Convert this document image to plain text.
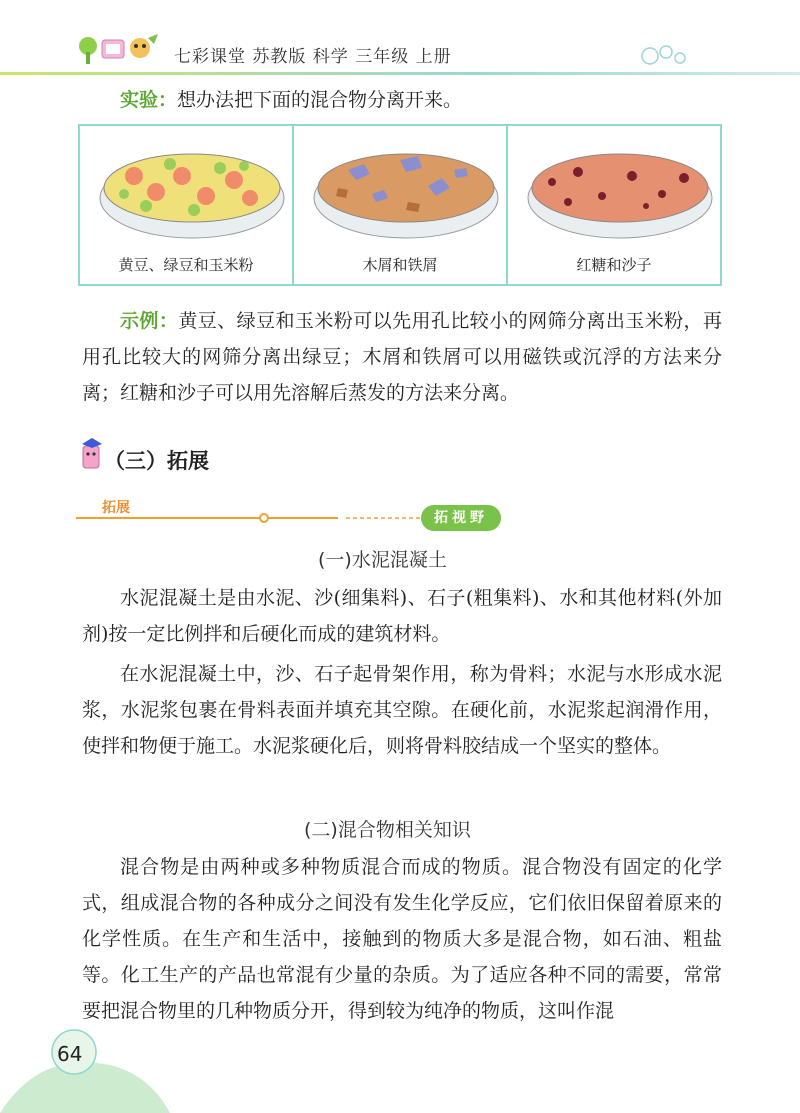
七彩课堂 苏教版 科学 三年级 上册

实验：想办法把下面的混合物分离开来。

黄豆、绿豆和玉米粉	木屑和铁屑	红糖和沙子

示例：黄豆、绿豆和玉米粉可以先用孔比较小的网筛分离出玉米粉，再用孔比较大的网筛分离出绿豆；木屑和铁屑可以用磁铁或沉浮的方法来分离；红糖和沙子可以用先溶解后蒸发的方法来分离。

（三）拓展
拓展
拓视野
(一)水泥混凝土

水泥混凝土是由水泥、沙(细集料)、石子(粗集料)、水和其他材料(外加剂)按一定比例拌和后硬化而成的建筑材料。

在水泥混凝土中，沙、石子起骨架作用，称为骨料；水泥与水形成水泥浆，水泥浆包裹在骨料表面并填充其空隙。在硬化前，水泥浆起润滑作用，使拌和物便于施工。水泥浆硬化后，则将骨料胶结成一个坚实的整体。

(二)混合物相关知识

混合物是由两种或多种物质混合而成的物质。混合物没有固定的化学式，组成混合物的各种成分之间没有发生化学反应，它们依旧保留着原来的化学性质。在生产和生活中，接触到的物质大多是混合物，如石油、粗盐等。化工生产的产品也常混有少量的杂质。为了适应各种不同的需要，常常要把混合物里的几种物质分开，得到较为纯净的物质，这叫作混

64
